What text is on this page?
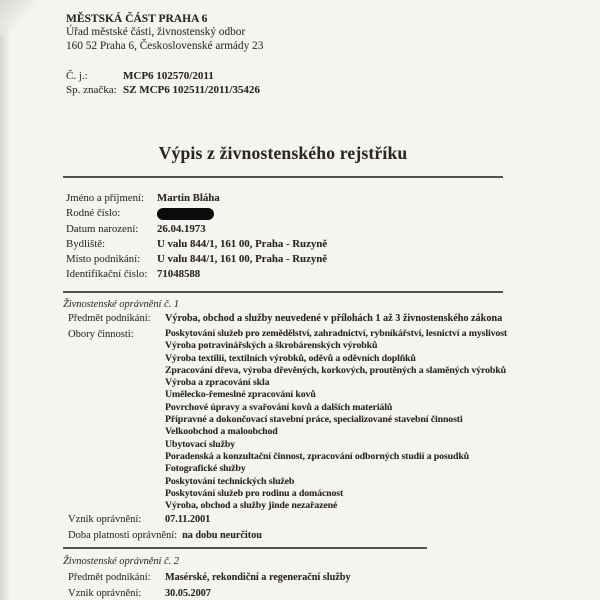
MĚSTSKÁ ČÁST PRAHA 6
Úřad městské části, živnostenský odbor
160 52 Praha 6, Československé armády 23
Č. j.:	MCP6 102570/2011
Sp. značka: SZ MCP6 102511/2011/35426
Výpis z živnostenského rejstříku
Jméno a příjmení:	Martin Bláha
Rodné číslo:
Datum narození:	26.04.1973
Bydliště:	U valu 844/1, 161 00, Praha - Ruzyně
Místo podnikání:	U valu 844/1, 161 00, Praha - Ruzyně
Identifikační číslo: 71048588
Živnostenské oprávnění č. 1
Předmět podnikání:	Výroba, obchod a služby neuvedené v přílohách 1 až 3 živnostenského zákona
Obory činnosti:	Poskytování služeb pro zemědělství, zahradnictví, rybníkářství, lesnictví a myslivost
Výroba potravinářských a škrobárenských výrobků
Výroba textilií, textilních výrobků, oděvů a oděvních doplňků
Zpracování dřeva, výroba dřevěných, korkových, proutěných a slaměných výrobků
Výroba a zpracování skla
Umělecko-řemeslné zpracování kovů
Povrchové úpravy a svařování kovů a dalších materiálů
Přípravné a dokončovací stavební práce, specializované stavební činnosti
Velkoobchod a maloobchod
Ubytovací služby
Poradenská a konzultační činnost, zpracování odborných studií a posudků
Fotografické služby
Poskytování technických služeb
Poskytování služeb pro rodinu a domácnost
Výroba, obchod a služby jinde nezařazené
Vznik oprávnění:	07.11.2001
Doba platnosti oprávnění: na dobu neurčitou
Živnostenské oprávnění č. 2
Předmět podnikání:	Masérské, rekondiční a regenerační služby
Vznik oprávnění:	30.05.2007
